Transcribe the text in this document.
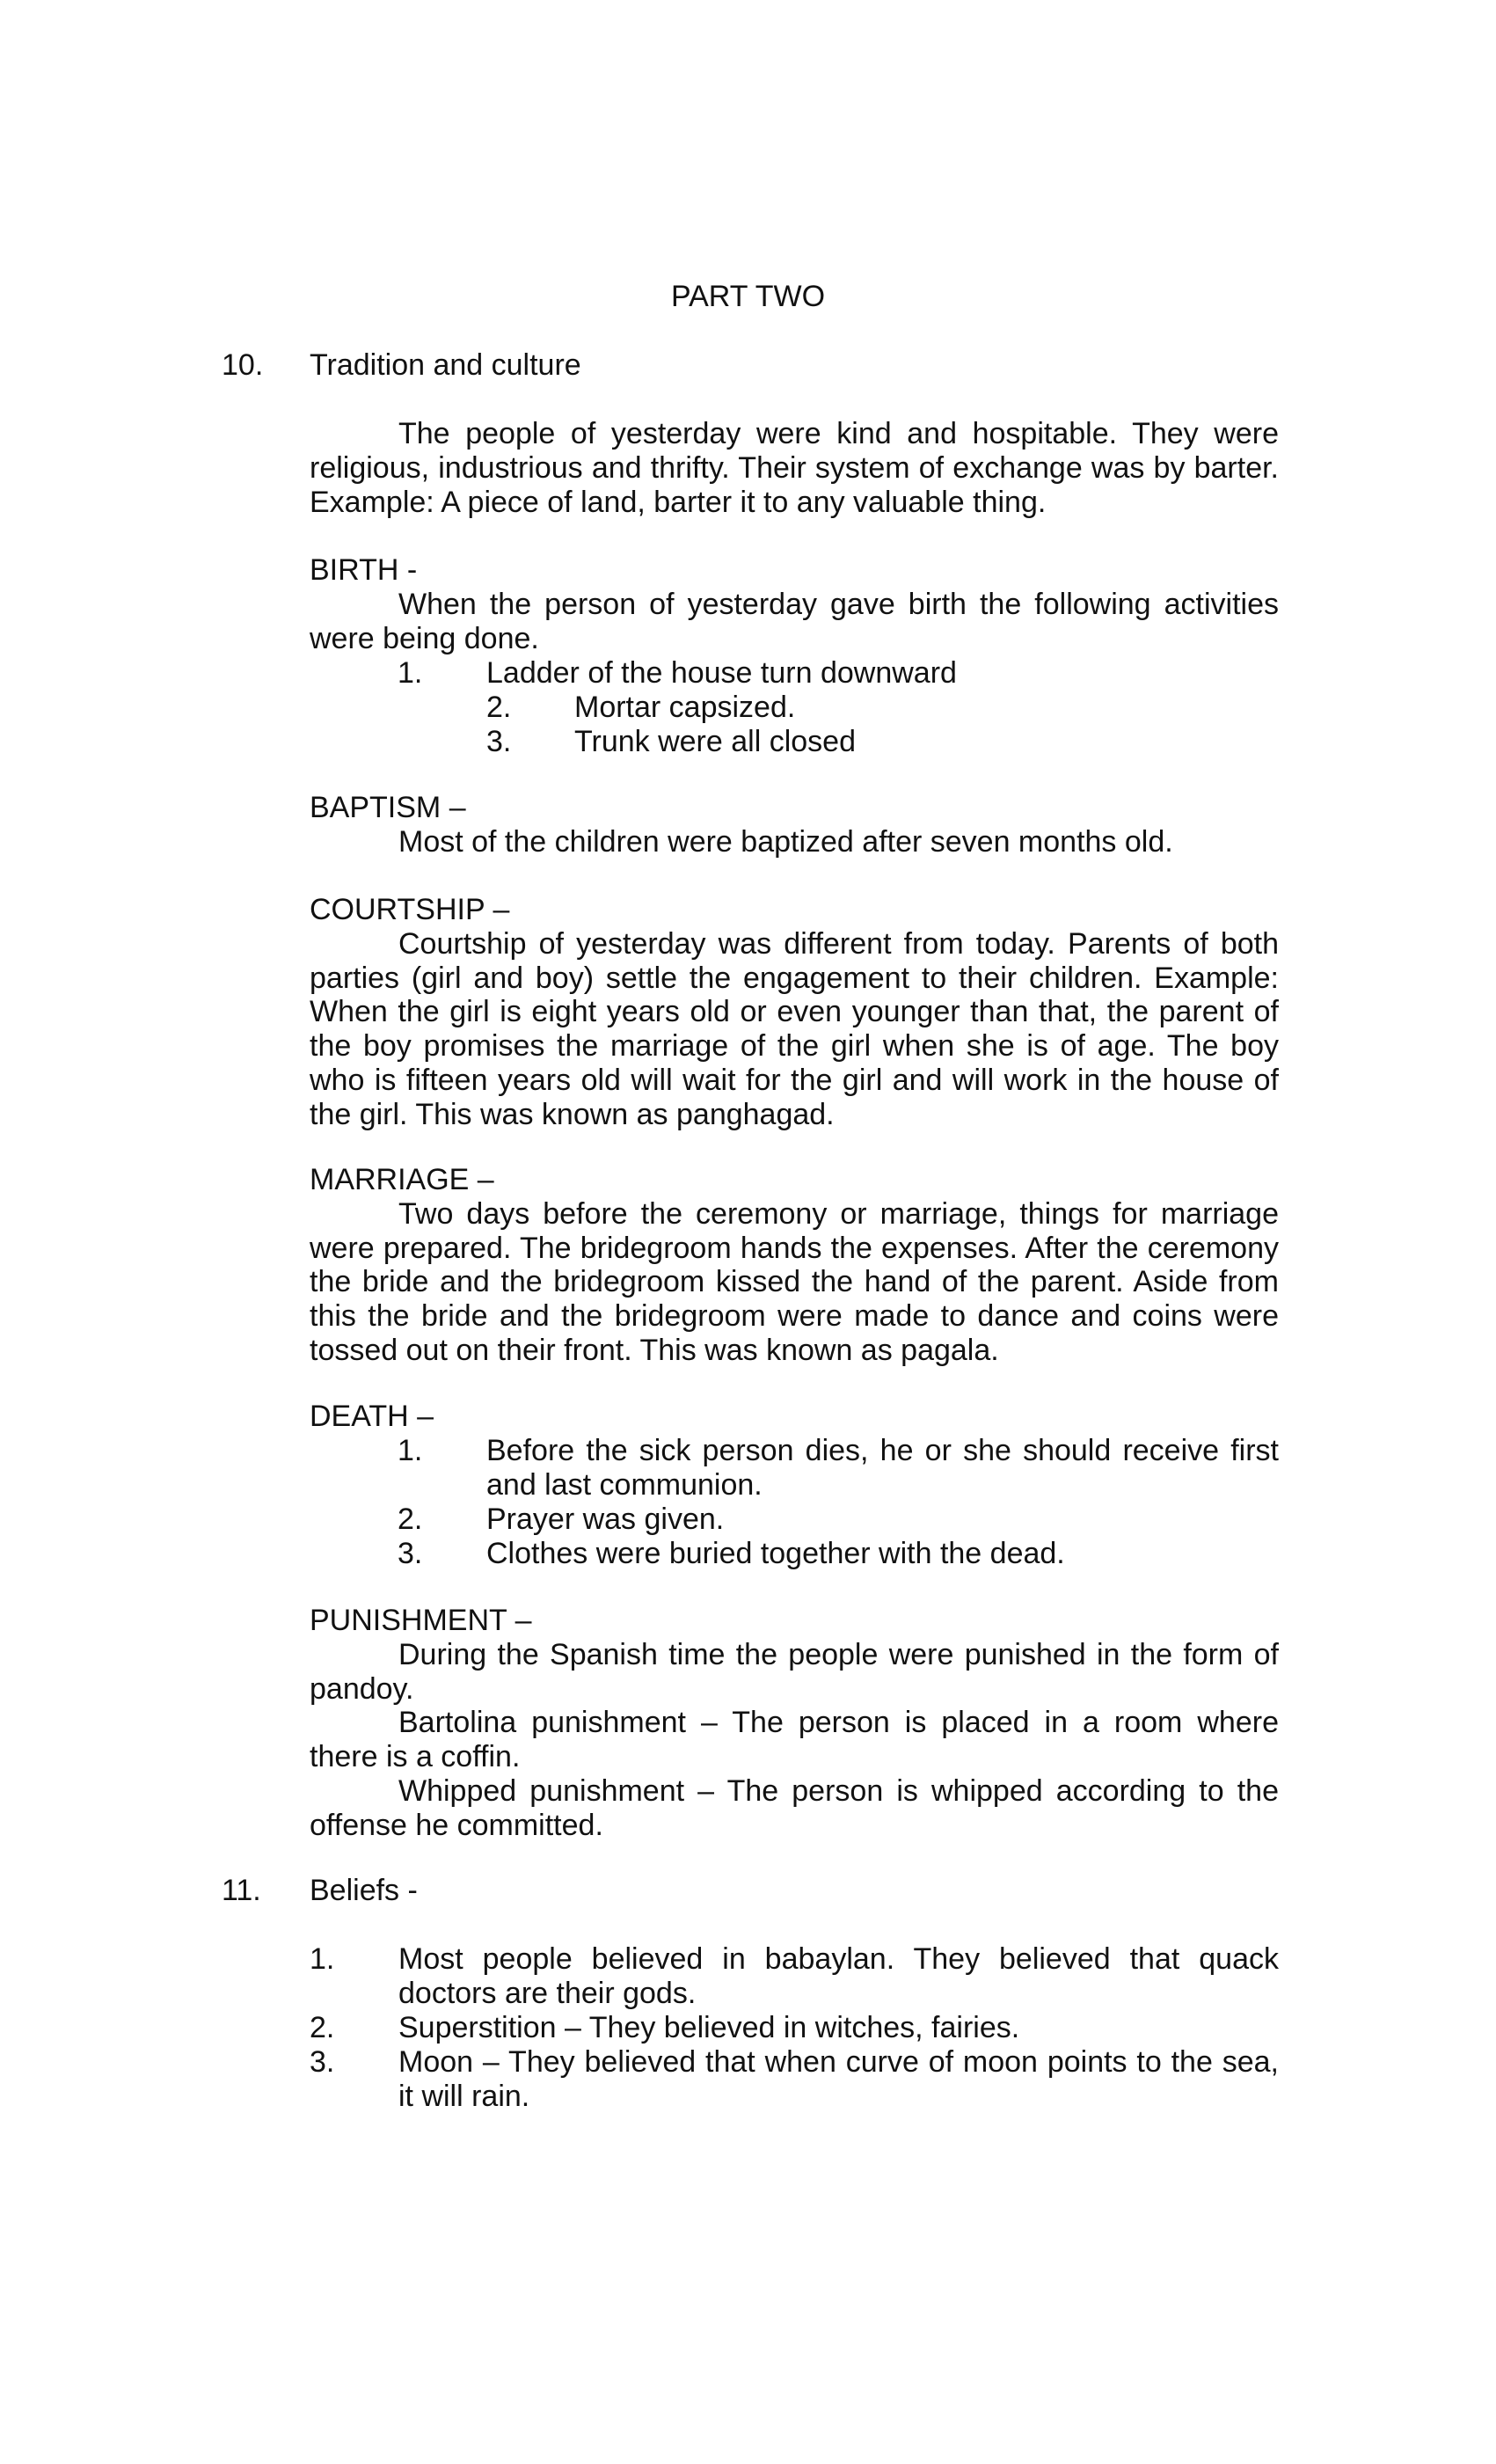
PART TWO
10. Tradition and culture

The people of yesterday were kind and hospitable. They were religious, industrious and thrifty. Their system of exchange was by barter. Example: A piece of land, barter it to any valuable thing.

BIRTH -

When the person of yesterday gave birth the following activities were being done.

1. Ladder of the house turn downward
2. Mortar capsized.
3. Trunk were all closed

BAPTISM –

Most of the children were baptized after seven months old.

COURTSHIP –

Courtship of yesterday was different from today. Parents of both parties (girl and boy) settle the engagement to their children. Example: When the girl is eight years old or even younger than that, the parent of the boy promises the marriage of the girl when she is of age. The boy who is fifteen years old will wait for the girl and will work in the house of the girl. This was known as panghagad.

MARRIAGE –

Two days before the ceremony or marriage, things for marriage were prepared. The bridegroom hands the expenses. After the ceremony the bride and the bridegroom kissed the hand of the parent. Aside from this the bride and the bridegroom were made to dance and coins were tossed out on their front. This was known as pagala.

DEATH –

1. Before the sick person dies, he or she should receive first and last communion.
2. Prayer was given.
3. Clothes were buried together with the dead.

PUNISHMENT –

During the Spanish time the people were punished in the form of pandoy.

Bartolina punishment – The person is placed in a room where there is a coffin.

Whipped punishment – The person is whipped according to the offense he committed.

11. Beliefs -
1. Most people believed in babaylan. They believed that quack doctors are their gods.
2. Superstition – They believed in witches, fairies.
3. Moon – They believed that when curve of moon points to the sea, it will rain.
